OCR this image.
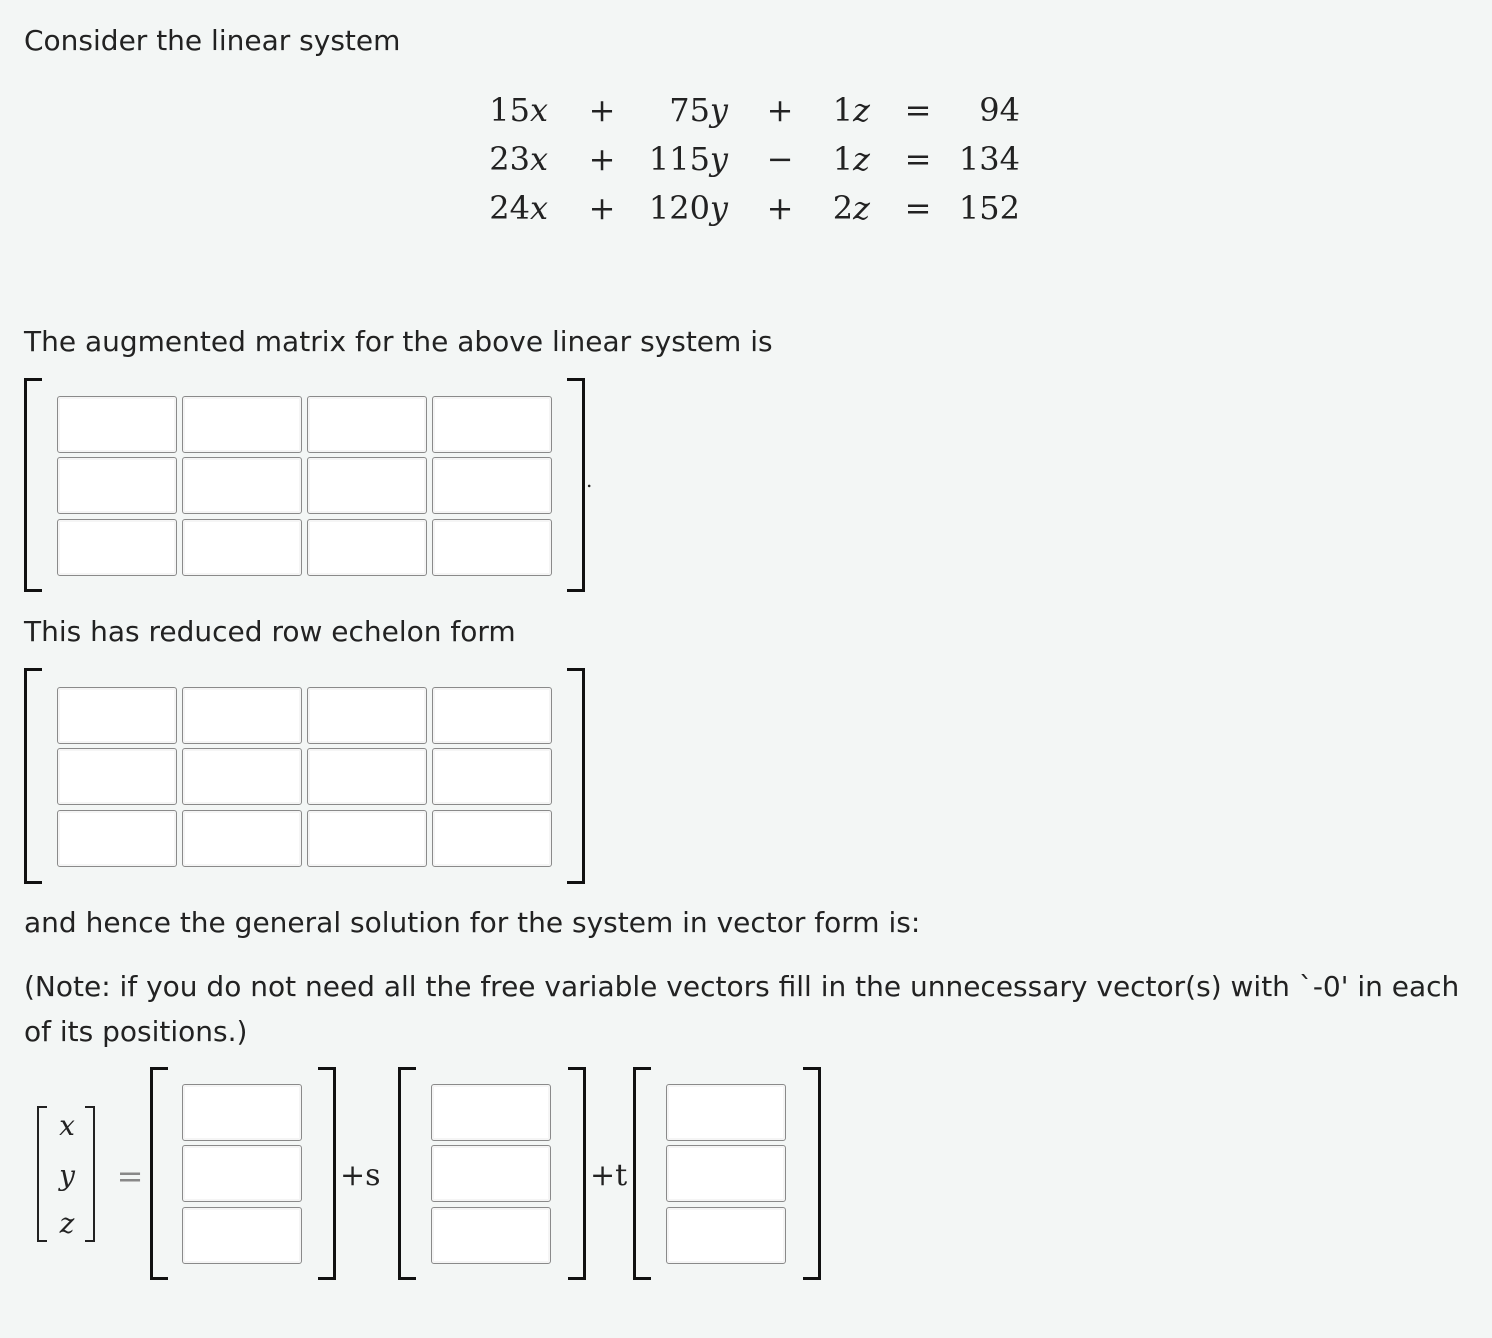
Consider the linear system
15x +	75y +	1z =	94
23x + 115y −	1z = 134
24x + 120y +	2z = 152
The augmented matrix for the above linear system is
.
This has reduced row echelon form
and hence the general solution for the system in vector form is:
(Note: if you do not need all the free variable vectors fill in the unnecessary vector(s) with `-0' in each of its positions.)
x
y
z
=	+s	+t
